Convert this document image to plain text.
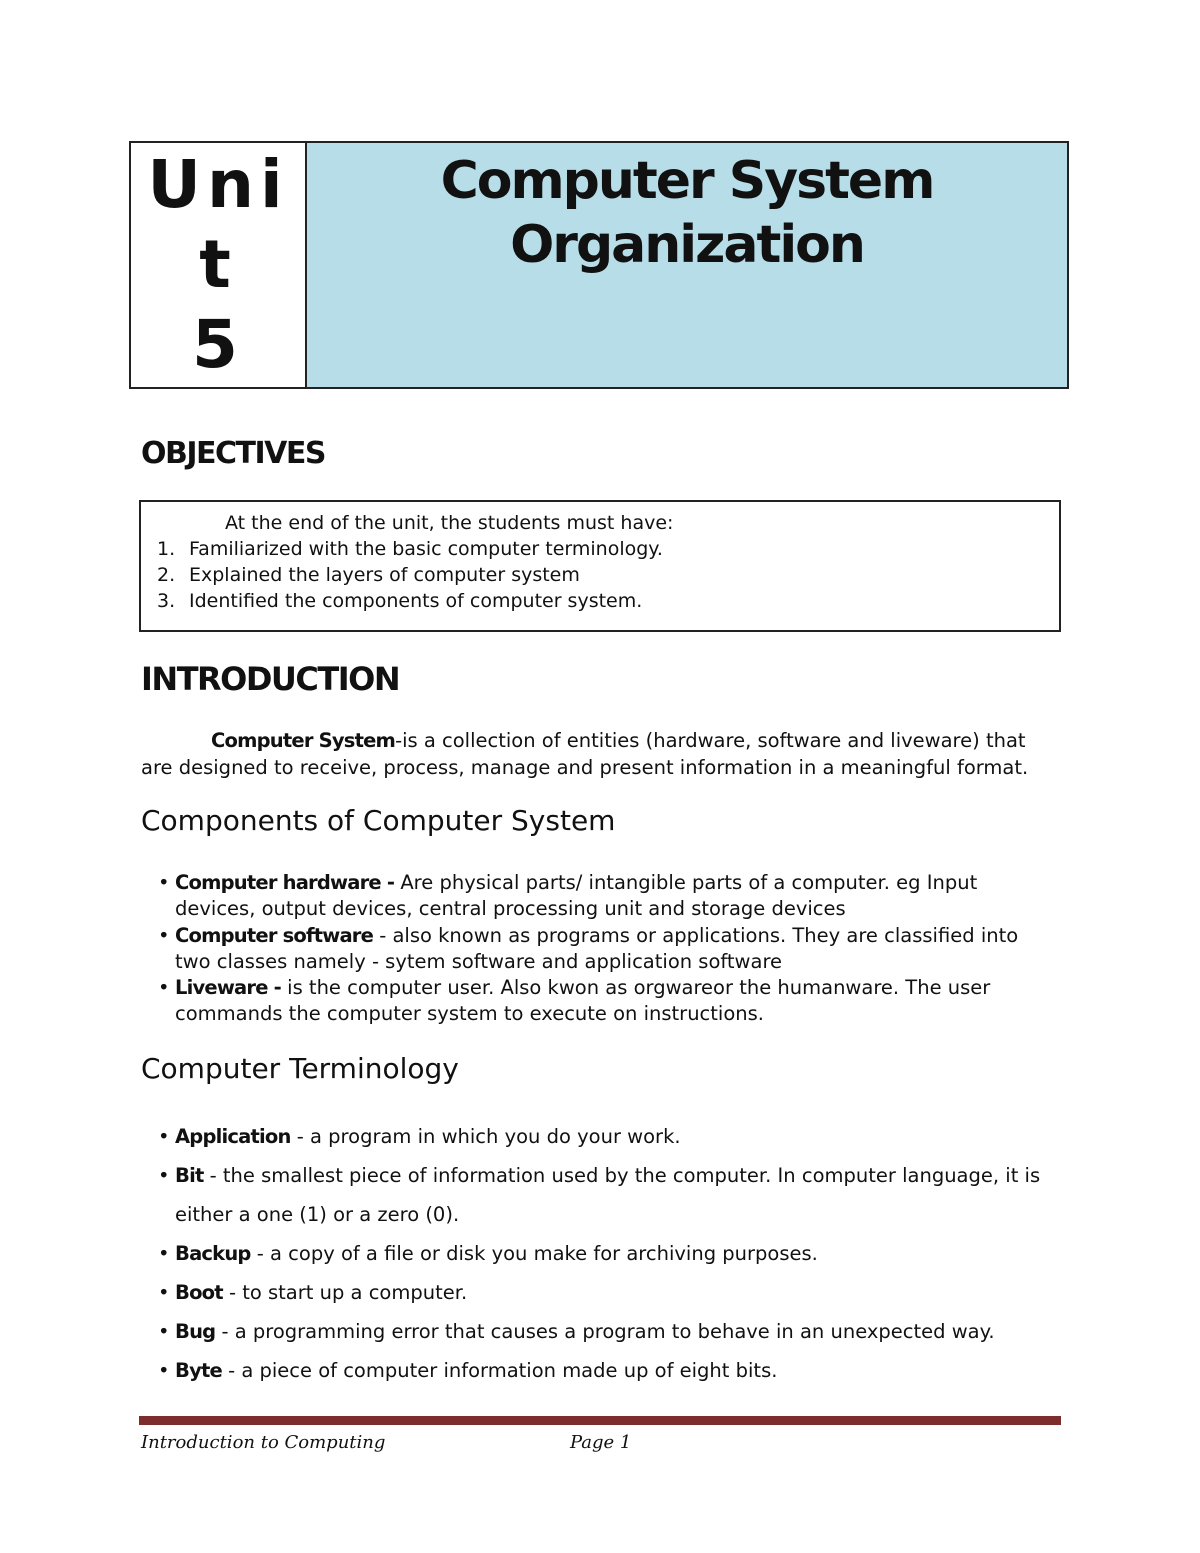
Uni
t
5
Computer System
Organization
OBJECTIVES
At the end of the unit, the students must have:
1. Familiarized with the basic computer terminology.
2. Explained the layers of computer system
3. Identified the components of computer system.
INTRODUCTION

Computer System-is a collection of entities (hardware, software and liveware) that are designed to receive, process, manage and present information in a meaningful format.

Components of Computer System
• Computer hardware - Are physical parts/ intangible parts of a computer. eg Input devices, output devices, central processing unit and storage devices
• Computer software - also known as programs or applications. They are classified into two classes namely - sytem software and application software
• Liveware - is the computer user. Also kwon as orgwareor the humanware. The user commands the computer system to execute on instructions.
Computer Terminology
• Application - a program in which you do your work.
• Bit - the smallest piece of information used by the computer. In computer language, it is either a one (1) or a zero (0).
• Backup - a copy of a file or disk you make for archiving purposes.
• Boot - to start up a computer.
• Bug - a programming error that causes a program to behave in an unexpected way.
• Byte - a piece of computer information made up of eight bits.
Introduction to Computing	Page 1
